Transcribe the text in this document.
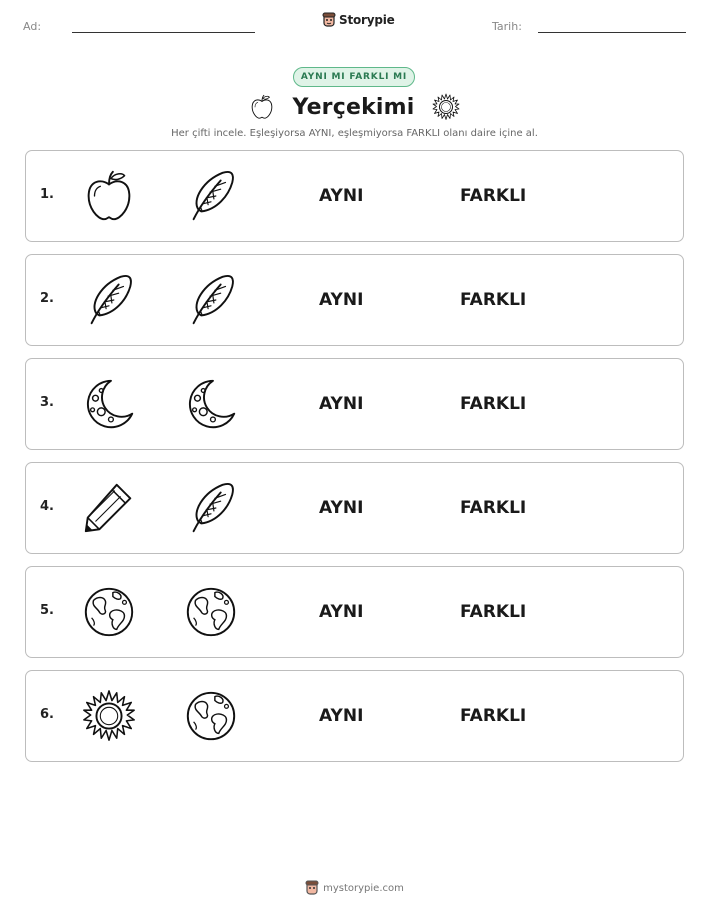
Ad:	Storypie	Tarih:
AYNI MI FARKLI MI
Yerçekimi
Her çifti incele. Eşleşiyorsa AYNI, eşleşmiyorsa FARKLI olanı daire içine al.
1.	AYNI	FARKLI
2.	AYNI	FARKLI
3.	AYNI	FARKLI
4.	AYNI	FARKLI
5.	AYNI	FARKLI
6.	AYNI	FARKLI
mystorypie.com
